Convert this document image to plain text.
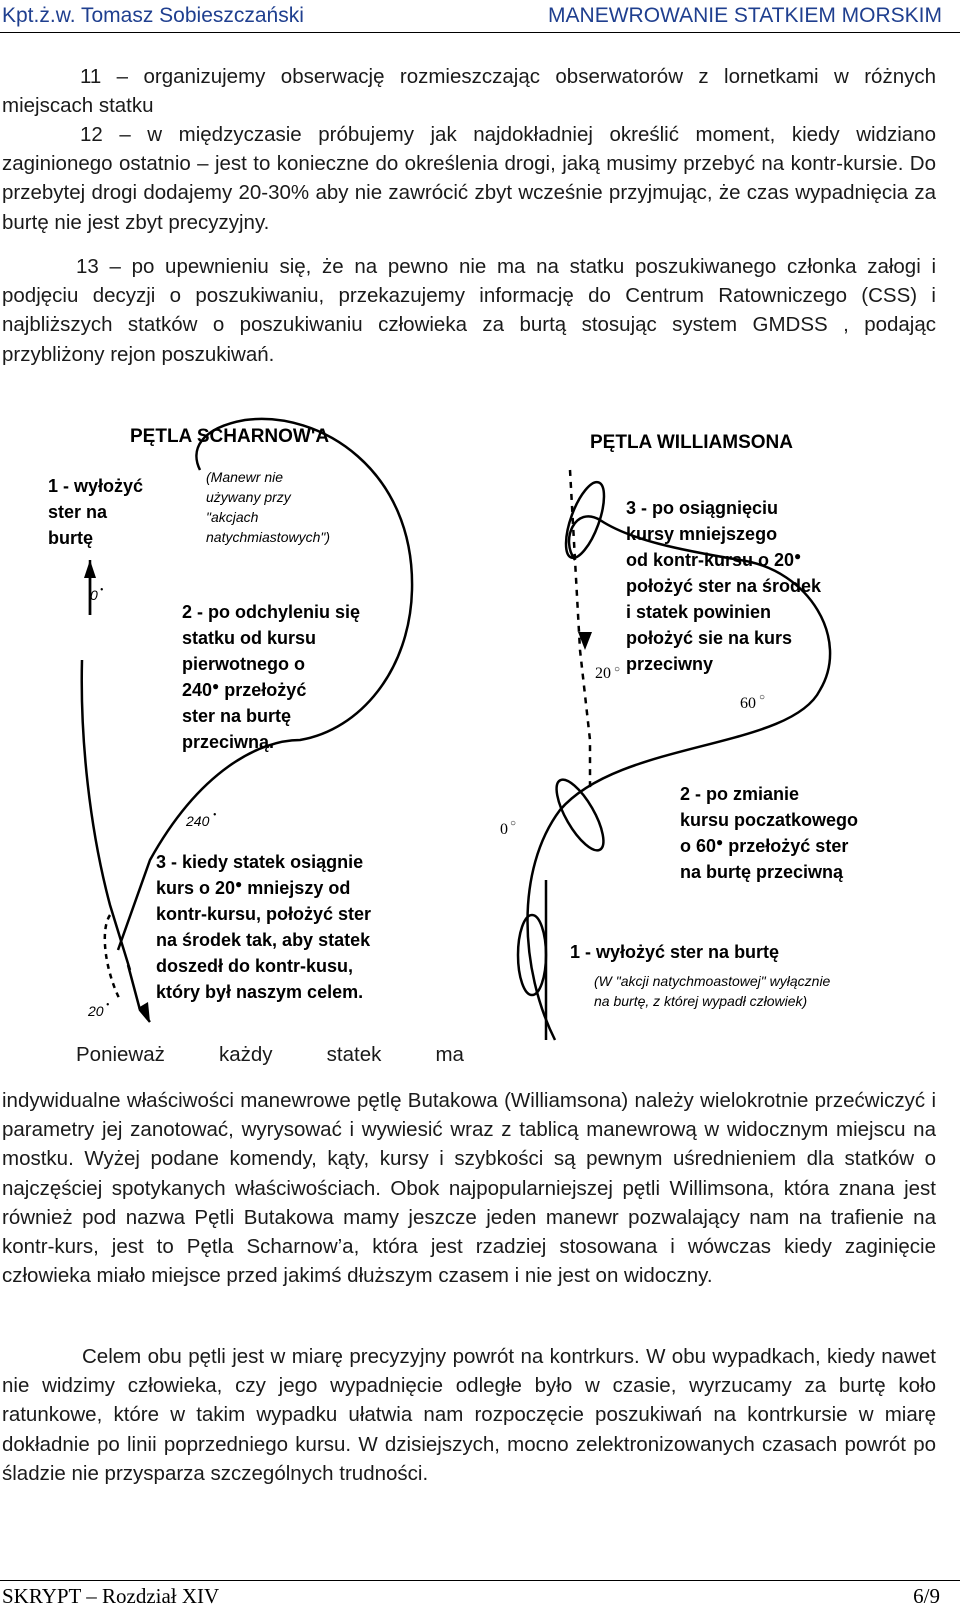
Kpt.ż.w. Tomasz Sobieszczański	MANEWROWANIE STATKIEM MORSKIM
11 – organizujemy obserwację rozmieszczając obserwatorów z lornetkami w różnych miejscach statku
12 – w międzyczasie próbujemy jak najdokładniej określić moment, kiedy widziano zaginionego ostatnio – jest to konieczne do określenia drogi, jaką musimy przebyć na kontr-kursie. Do przebytej drogi dodajemy 20-30% aby nie zawrócić zbyt wcześnie przyjmując, że czas wypadnięcia za burtę nie jest zbyt precyzyjny.
13 – po upewnieniu się, że na pewno nie ma na statku poszukiwanego członka załogi i podjęciu decyzji o poszukiwaniu, przekazujemy informację do Centrum Ratowniczego (CSS) i najbliższych statków o poszukiwaniu człowieka za burtą stosując system GMDSS , podając przybliżony rejon poszukiwań.
PĘTLA SCHARNOW'A
1 - wyłożyć
ster na
burtę
(Manewr nie
używany przy
"akcjach
natychmiastowych")
0 •
2 - po odchyleniu się
statku od kursu
pierwotnego o
240● przełożyć
ster na burtę
przeciwną.
240 •
3 - kiedy statek osiągnie
kurs o 20● mniejszy od
kontr-kursu, położyć ster
na środek tak, aby statek
doszedł do kontr-kusu,
który był naszym celem.
20 •
PĘTLA WILLIAMSONA
3 - po osiągnięciu
kursy mniejszego
od kontr-kursu o 20●
położyć ster na środek
i statek powinien
położyć sie na kurs
przeciwny
20 ○
60 ○
2 - po zmianie
kursu poczatkowego
o 60● przełożyć ster
na burtę przeciwną
0 ○
1 - wyłożyć ster na burtę
(W "akcji natychmoastowej" wyłącznie
na burtę, z której wypadł człowiek)
Ponieważ	każdy	statek	ma
indywidualne właściwości manewrowe pętlę Butakowa (Williamsona) należy wielokrotnie przećwiczyć i parametry jej zanotować, wyrysować i wywiesić wraz z tablicą manewrową w widocznym miejscu na mostku. Wyżej podane komendy, kąty, kursy i szybkości są pewnym uśrednieniem dla statków o najczęściej spotykanych właściwościach. Obok najpopularniejszej pętli Willimsona, która znana jest również pod nazwa Pętli Butakowa mamy jeszcze jeden manewr pozwalający nam na trafienie na kontr-kurs, jest to Pętla Scharnow’a, która jest rzadziej stosowana i wówczas kiedy zaginięcie człowieka miało miejsce przed jakimś dłuższym czasem i nie jest on widoczny.
Celem obu pętli jest w miarę precyzyjny powrót na kontrkurs. W obu wypadkach, kiedy nawet nie widzimy człowieka, czy jego wypadnięcie odległe było w czasie, wyrzucamy za burtę koło ratunkowe, które w takim wypadku ułatwia nam rozpoczęcie poszukiwań na kontrkursie w miarę dokładnie po linii poprzedniego kursu. W dzisiejszych, mocno zelektronizowanych czasach powrót po śladzie nie przysparza szczególnych trudności.
SKRYPT – Rozdział XIV	6/9
